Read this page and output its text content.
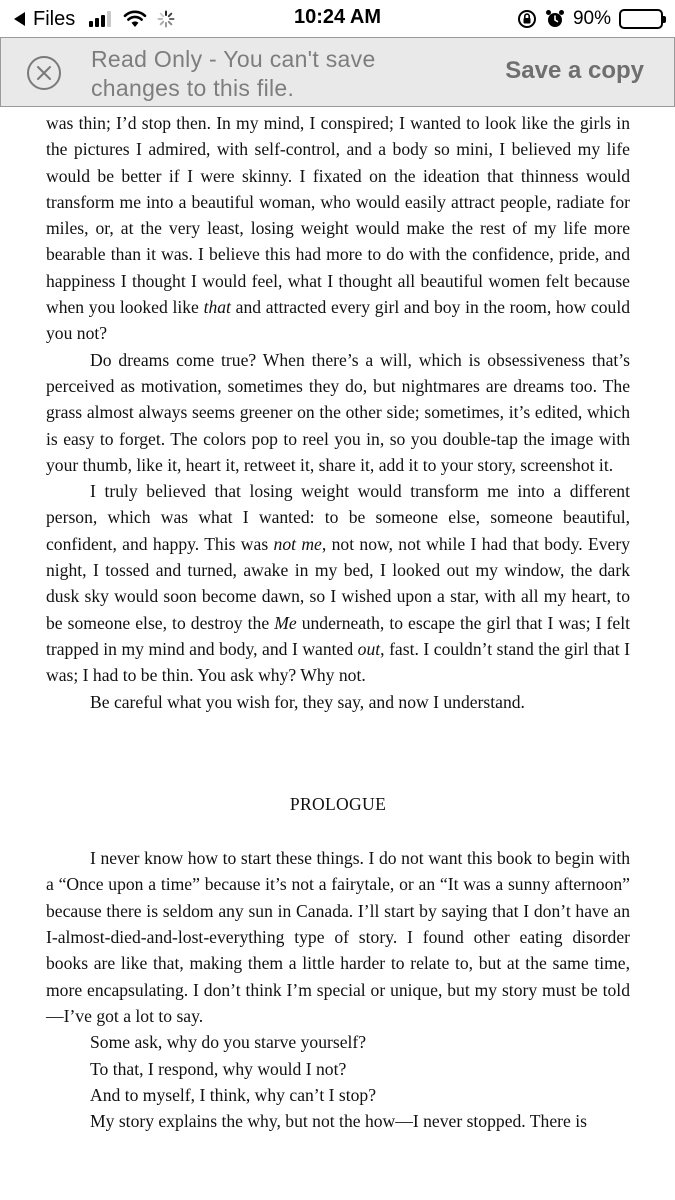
Files	10:24 AM	90%
Read Only - You can't save changes to this file.
Save a copy

was thin; I’d stop then. In my mind, I conspired; I wanted to look like the girls in the pictures I admired, with self-control, and a body so mini, I believed my life would be better if I were skinny. I fixated on the ideation that thinness would transform me into a beautiful woman, who would easily attract people, radiate for miles, or, at the very least, losing weight would make the rest of my life more bearable than it was. I believe this had more to do with the confidence, pride, and happiness I thought I would feel, what I thought all beautiful women felt because when you looked like that and attracted every girl and boy in the room, how could you not?

Do dreams come true? When there’s a will, which is obsessiveness that’s perceived as motivation, sometimes they do, but nightmares are dreams too. The grass almost always seems greener on the other side; sometimes, it’s edited, which is easy to forget. The colors pop to reel you in, so you double-tap the image with your thumb, like it, heart it, retweet it, share it, add it to your story, screenshot it.

I truly believed that losing weight would transform me into a different person, which was what I wanted: to be someone else, someone beautiful, confident, and happy. This was not me, not now, not while I had that body. Every night, I tossed and turned, awake in my bed, I looked out my window, the dark dusk sky would soon become dawn, so I wished upon a star, with all my heart, to be someone else, to destroy the Me underneath, to escape the girl that I was; I felt trapped in my mind and body, and I wanted out, fast. I couldn’t stand the girl that I was; I had to be thin. You ask why? Why not.

Be careful what you wish for, they say, and now I understand.

PROLOGUE

I never know how to start these things. I do not want this book to begin with a “Once upon a time” because it’s not a fairytale, or an “It was a sunny afternoon” because there is seldom any sun in Canada. I’ll start by saying that I don’t have an I-almost-died-and-lost-everything type of story. I found other eating disorder books are like that, making them a little harder to relate to, but at the same time, more encapsulating. I don’t think I’m special or unique, but my story must be told—I’ve got a lot to say.

Some ask, why do you starve yourself?

To that, I respond, why would I not?

And to myself, I think, why can’t I stop?

My story explains the why, but not the how—I never stopped. There is
